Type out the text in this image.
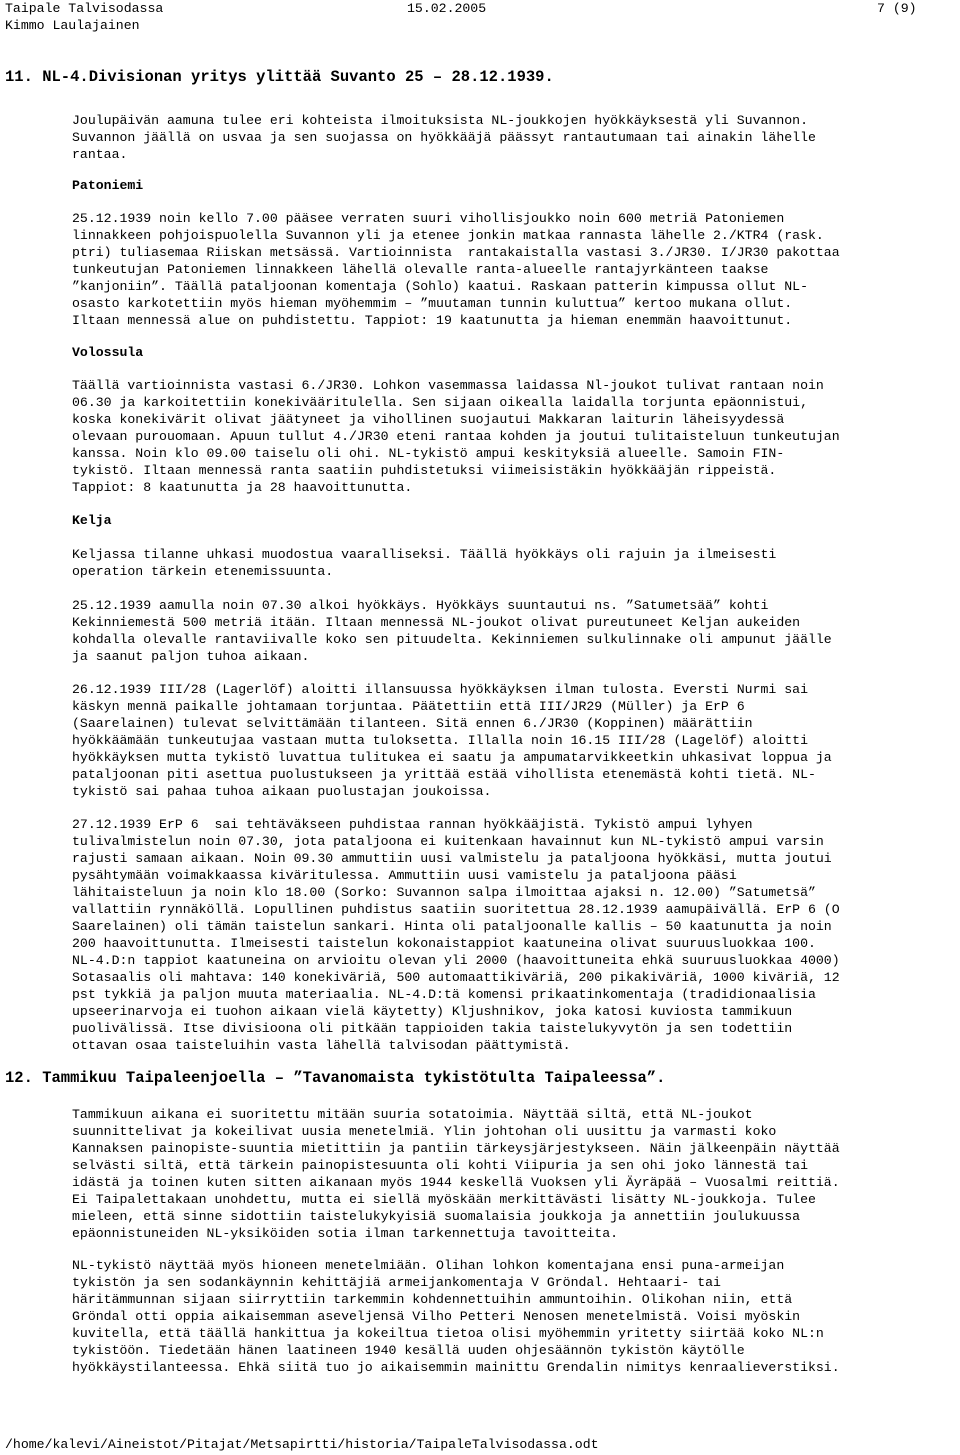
Taipale Talvisodassa
Kimmo Laulajainen
15.02.2005	7 (9)
11. NL-4.Divisionan yritys ylittää Suvanto 25 – 28.12.1939.
Joulupäivän aamuna tulee eri kohteista ilmoituksista NL-joukkojen hyökkäyksestä yli Suvannon.
Suvannon jäällä on usvaa ja sen suojassa on hyökkääjä päässyt rantautumaan tai ainakin lähelle
rantaa.
Patoniemi
25.12.1939 noin kello 7.00 pääsee verraten suuri vihollisjoukko noin 600 metriä Patoniemen
linnakkeen pohjoispuolella Suvannon yli ja etenee jonkin matkaa rannasta lähelle 2./KTR4 (rask.
ptri) tuliasemaa Riiskan metsässä. Vartioinnista  rantakaistalla vastasi 3./JR30. I/JR30 pakottaa
tunkeutujan Patoniemen linnakkeen lähellä olevalle ranta-alueelle rantajyrkänteen taakse
”kanjoniin”. Täällä pataljoonan komentaja (Sohlo) kaatui. Raskaan patterin kimpussa ollut NL-
osasto karkotettiin myös hieman myöhemmim – ”muutaman tunnin kuluttua” kertoo mukana ollut.
Iltaan mennessä alue on puhdistettu. Tappiot: 19 kaatunutta ja hieman enemmän haavoittunut.
Volossula
Täällä vartioinnista vastasi 6./JR30. Lohkon vasemmassa laidassa Nl-joukot tulivat rantaan noin
06.30 ja karkoitettiin konekivääritulella. Sen sijaan oikealla laidalla torjunta epäonnistui,
koska konekivärit olivat jäätyneet ja vihollinen suojautui Makkaran laiturin läheisyydessä
olevaan purouomaan. Apuun tullut 4./JR30 eteni rantaa kohden ja joutui tulitaisteluun tunkeutujan
kanssa. Noin klo 09.00 taiselu oli ohi. NL-tykistö ampui keskityksiä alueelle. Samoin FIN-
tykistö. Iltaan mennessä ranta saatiin puhdistetuksi viimeisistäkin hyökkääjän rippeistä.
Tappiot: 8 kaatunutta ja 28 haavoittunutta.
Kelja
Keljassa tilanne uhkasi muodostua vaaralliseksi. Täällä hyökkäys oli rajuin ja ilmeisesti
operation tärkein etenemissuunta.
25.12.1939 aamulla noin 07.30 alkoi hyökkäys. Hyökkäys suuntautui ns. ”Satumetsää” kohti
Kekinniemestä 500 metriä itään. Iltaan mennessä NL-joukot olivat pureutuneet Keljan aukeiden
kohdalla olevalle rantaviivalle koko sen pituudelta. Kekinniemen sulkulinnake oli ampunut jäälle
ja saanut paljon tuhoa aikaan.
26.12.1939 III/28 (Lagerlöf) aloitti illansuussa hyökkäyksen ilman tulosta. Eversti Nurmi sai
käskyn mennä paikalle johtamaan torjuntaa. Päätettiin että III/JR29 (Müller) ja ErP 6
(Saarelainen) tulevat selvittämään tilanteen. Sitä ennen 6./JR30 (Koppinen) määrättiin
hyökkäämään tunkeutujaa vastaan mutta tuloksetta. Illalla noin 16.15 III/28 (Lagelöf) aloitti
hyökkäyksen mutta tykistö luvattua tulitukea ei saatu ja ampumatarvikkeetkin uhkasivat loppua ja
pataljoonan piti asettua puolustukseen ja yrittää estää vihollista etenemästä kohti tietä. NL-
tykistö sai pahaa tuhoa aikaan puolustajan joukoissa.
27.12.1939 ErP 6  sai tehtäväkseen puhdistaa rannan hyökkääjistä. Tykistö ampui lyhyen
tulivalmistelun noin 07.30, jota pataljoona ei kuitenkaan havainnut kun NL-tykistö ampui varsin
rajusti samaan aikaan. Noin 09.30 ammuttiin uusi valmistelu ja pataljoona hyökkäsi, mutta joutui
pysähtymään voimakkaassa kiväritulessa. Ammuttiin uusi vamistelu ja pataljoona pääsi
lähitaisteluun ja noin klo 18.00 (Sorko: Suvannon salpa ilmoittaa ajaksi n. 12.00) ”Satumetsä”
vallattiin rynnäköllä. Lopullinen puhdistus saatiin suoritettua 28.12.1939 aamupäivällä. ErP 6 (O
Saarelainen) oli tämän taistelun sankari. Hinta oli pataljoonalle kallis – 50 kaatunutta ja noin
200 haavoittunutta. Ilmeisesti taistelun kokonaistappiot kaatuneina olivat suuruusluokkaa 100.
NL-4.D:n tappiot kaatuneina on arvioitu olevan yli 2000 (haavoittuneita ehkä suuruusluokkaa 4000)
Sotasaalis oli mahtava: 140 konekiväriä, 500 automaattikiväriä, 200 pikakiväriä, 1000 kiväriä, 12
pst tykkiä ja paljon muuta materiaalia. NL-4.D:tä komensi prikaatinkomentaja (tradidionaalisia
upseerinarvoja ei tuohon aikaan vielä käytetty) Kljushnikov, joka katosi kuviosta tammikuun
puolivälissä. Itse divisioona oli pitkään tappioiden takia taistelukyvytön ja sen todettiin
ottavan osaa taisteluihin vasta lähellä talvisodan päättymistä.
12. Tammikuu Taipaleenjoella – ”Tavanomaista tykistötulta Taipaleessa”.
Tammikuun aikana ei suoritettu mitään suuria sotatoimia. Näyttää siltä, että NL-joukot
suunnittelivat ja kokeilivat uusia menetelmiä. Ylin johtohan oli uusittu ja varmasti koko
Kannaksen painopiste-suuntia mietittiin ja pantiin tärkeysjärjestykseen. Näin jälkeenpäin näyttää
selvästi siltä, että tärkein painopistesuunta oli kohti Viipuria ja sen ohi joko lännestä tai
idästä ja toinen kuten sitten aikanaan myös 1944 keskellä Vuoksen yli Äyräpää – Vuosalmi reittiä.
Ei Taipalettakaan unohdettu, mutta ei siellä myöskään merkittävästi lisätty NL-joukkoja. Tulee
mieleen, että sinne sidottiin taistelukykyisiä suomalaisia joukkoja ja annettiin joulukuussa
epäonnistuneiden NL-yksiköiden sotia ilman tarkennettuja tavoitteita.
NL-tykistö näyttää myös hioneen menetelmiään. Olihan lohkon komentajana ensi puna-armeijan
tykistön ja sen sodankäynnin kehittäjiä armeijankomentaja V Gröndal. Hehtaari- tai
häritämmunnan sijaan siirryttiin tarkemmin kohdennettuihin ammuntoihin. Olikohan niin, että
Gröndal otti oppia aikaisemman aseveljensä Vilho Petteri Nenosen menetelmistä. Voisi myöskin
kuvitella, että täällä hankittua ja kokeiltua tietoa olisi myöhemmin yritetty siirtää koko NL:n
tykistöön. Tiedetään hänen laatineen 1940 kesällä uuden ohjesäännön tykistön käytölle
hyökkäystilanteessa. Ehkä siitä tuo jo aikaisemmin mainittu Grendalin nimitys kenraalieverstiksi.
/home/kalevi/Aineistot/Pitajat/Metsapirtti/historia/TaipaleTalvisodassa.odt
